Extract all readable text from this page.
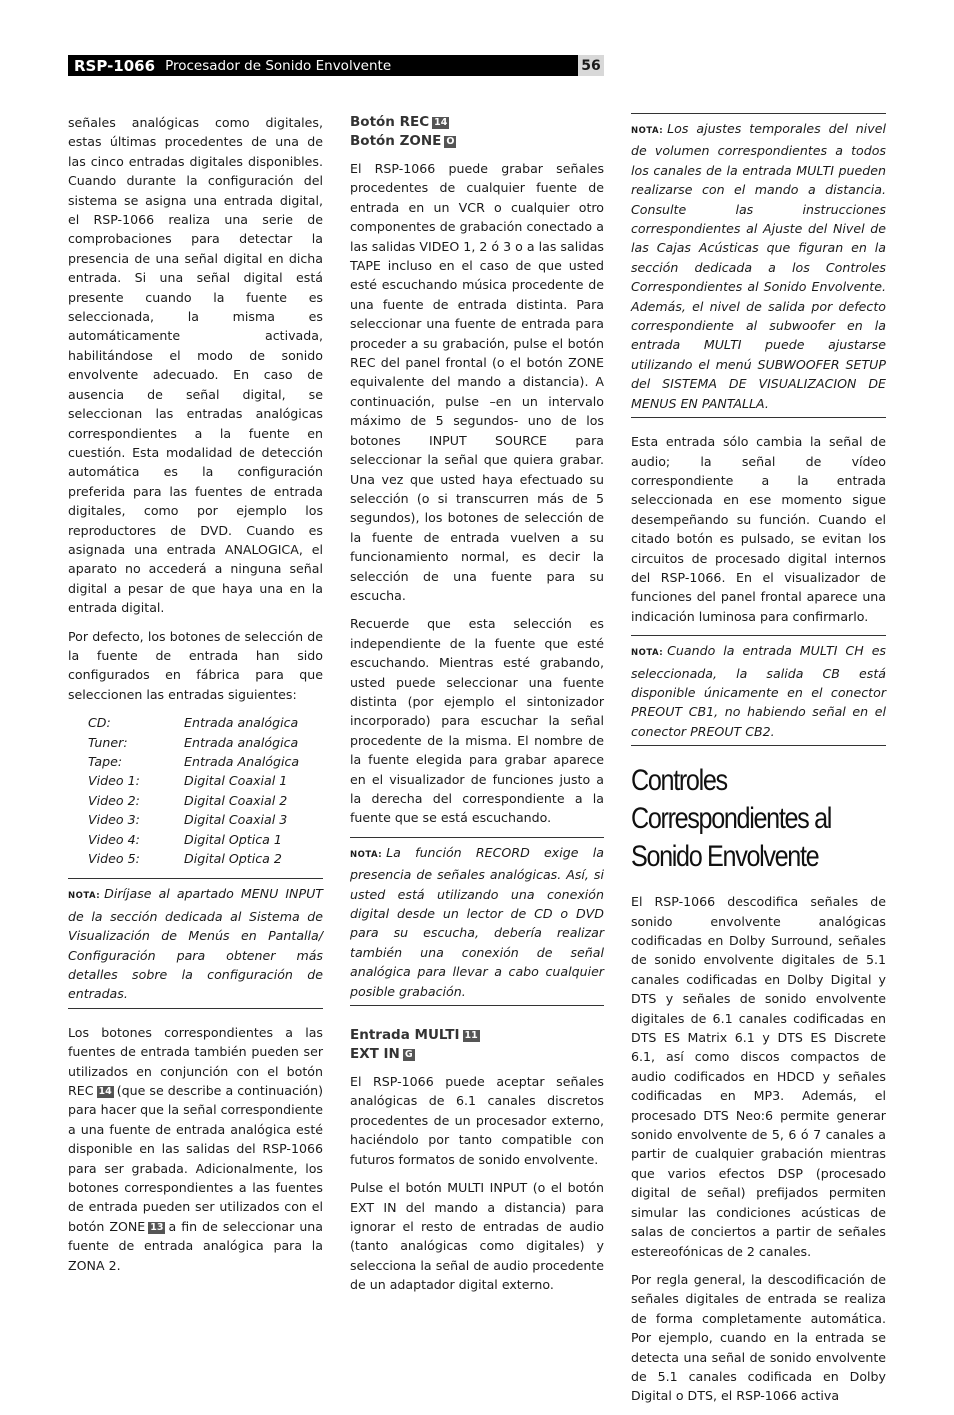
RSP-1066 Procesador de Sonido Envolvente	56

señales analógicas como digitales, estas últimas procedentes de una de las cinco entradas digitales disponibles. Cuando durante la configuración del sistema se asigna una entrada digital, el RSP-1066 realiza una serie de comprobaciones para detectar la presencia de una señal digital en dicha entrada. Si una señal digital está presente cuando la fuente es seleccionada, la misma es automáticamente activada, habilitándose el modo de sonido envolvente adecuado. En caso de ausencia de señal digital, se seleccionan las entradas analógicas correspondientes a la fuente en cuestión. Esta modalidad de detección automática es la configuración preferida para las fuentes de entrada digitales, como por ejemplo los reproductores de DVD. Cuando es asignada una entrada ANALOGICA, el aparato no accederá a ninguna señal digital a pesar de que haya una en la entrada digital.

Por defecto, los botones de selección de la fuente de entrada han sido configurados en fábrica para que seleccionen las entradas siguientes:

CD:	Entrada analógica
Tuner:	Entrada analógica
Tape:	Entrada Analógica
Video 1:	Digital Coaxial 1
Video 2:	Digital Coaxial 2
Video 3:	Digital Coaxial 3
Video 4:	Digital Optica 1
Video 5:	Digital Optica 2
NOTA: Diríjase al apartado MENU INPUT de la sección dedicada al Sistema de Visualización de Menús en Pantalla/ Configuración para obtener más detalles sobre la configuración de entradas.

Los botones correspondientes a las fuentes de entrada también pueden ser utilizados en conjunción con el botón REC 14 (que se describe a continuación) para hacer que la señal correspondiente a una fuente de entrada analógica esté disponible en las salidas del RSP-1066 para ser grabada. Adicionalmente, los botones correspondientes a las fuentes de entrada pueden ser utilizados con el botón ZONE 13 a fin de seleccionar una fuente de entrada analógica para la ZONA 2.

Botón REC 14
Botón ZONE O

El RSP-1066 puede grabar señales procedentes de cualquier fuente de entrada en un VCR o cualquier otro componentes de grabación conectado a las salidas VIDEO 1, 2 ó 3 o a las salidas TAPE incluso en el caso de que usted esté escuchando música procedente de una fuente de entrada distinta. Para seleccionar una fuente de entrada para proceder a su grabación, pulse el botón REC del panel frontal (o el botón ZONE equivalente del mando a distancia). A continuación, pulse –en un intervalo máximo de 5 segundos- uno de los botones INPUT SOURCE para seleccionar la señal que quiera grabar. Una vez que usted haya efectuado su selección (o si transcurren más de 5 segundos), los botones de selección de la fuente de entrada vuelven a su funcionamiento normal, es decir la selección de una fuente para su escucha.

Recuerde que esta selección es independiente de la fuente que esté escuchando. Mientras esté grabando, usted puede seleccionar una fuente distinta (por ejemplo el sintonizador incorporado) para escuchar la señal procedente de la misma. El nombre de la fuente elegida para grabar aparece en el visualizador de funciones justo a la derecha del correspondiente a la fuente que se está escuchando.

NOTA: La función RECORD exige la presencia de señales analógicas. Así, si usted está utilizando una conexión digital desde un lector de CD o DVD para su escucha, debería realizar también una conexión de señal analógica para llevar a cabo cualquier posible grabación.
Entrada MULTI 11
EXT IN G

El RSP-1066 puede aceptar señales analógicas de 6.1 canales discretos procedentes de un procesador externo, haciéndolo por tanto compatible con futuros formatos de sonido envolvente.

Pulse el botón MULTI INPUT (o el botón EXT IN del mando a distancia) para ignorar el resto de entradas de audio (tanto analógicas como digitales) y selecciona la señal de audio procedente de un adaptador digital externo.

NOTA: Los ajustes temporales del nivel de volumen correspondientes a todos los canales de la entrada MULTI pueden realizarse con el mando a distancia. Consulte las instrucciones correspondientes al Ajuste del Nivel de las Cajas Acústicas que figuran en la sección dedicada a los Controles Correspondientes al Sonido Envolvente. Además, el nivel de salida por defecto correspondiente al subwoofer en la entrada MULTI puede ajustarse utilizando el menú SUBWOOFER SETUP del SISTEMA DE VISUALIZACION DE MENUS EN PANTALLA.

Esta entrada sólo cambia la señal de audio; la señal de vídeo correspondiente a la entrada seleccionada en ese momento sigue desempeñando su función. Cuando el citado botón es pulsado, se evitan los circuitos de procesado digital internos del RSP-1066. En el visualizador de funciones del panel frontal aparece una indicación luminosa para confirmarlo.

NOTA: Cuando la entrada MULTI CH es seleccionada, la salida CB está disponible únicamente en el conector PREOUT CB1, no habiendo señal en el conector PREOUT CB2.
Controles Correspondientes al Sonido Envolvente

El RSP-1066 descodifica señales de sonido envolvente analógicas codificadas en Dolby Surround, señales de sonido envolvente digitales de 5.1 canales codificadas en Dolby Digital y DTS y señales de sonido envolvente digitales de 6.1 canales codificadas en DTS ES Matrix 6.1 y DTS ES Discrete 6.1, así como discos compactos de audio codificados en HDCD y señales codificadas en MP3. Además, el procesado DTS Neo:6 permite generar sonido envolvente de 5, 6 ó 7 canales a partir de cualquier grabación mientras que varios efectos DSP (procesado digital de señal) prefijados permiten simular las condiciones acústicas de salas de conciertos a partir de señales estereofónicas de 2 canales.

Por regla general, la descodificación de señales digitales de entrada se realiza de forma completamente automática. Por ejemplo, cuando en la entrada se detecta una señal de sonido envolvente de 5.1 canales codificada en Dolby Digital o DTS, el RSP-1066 activa
